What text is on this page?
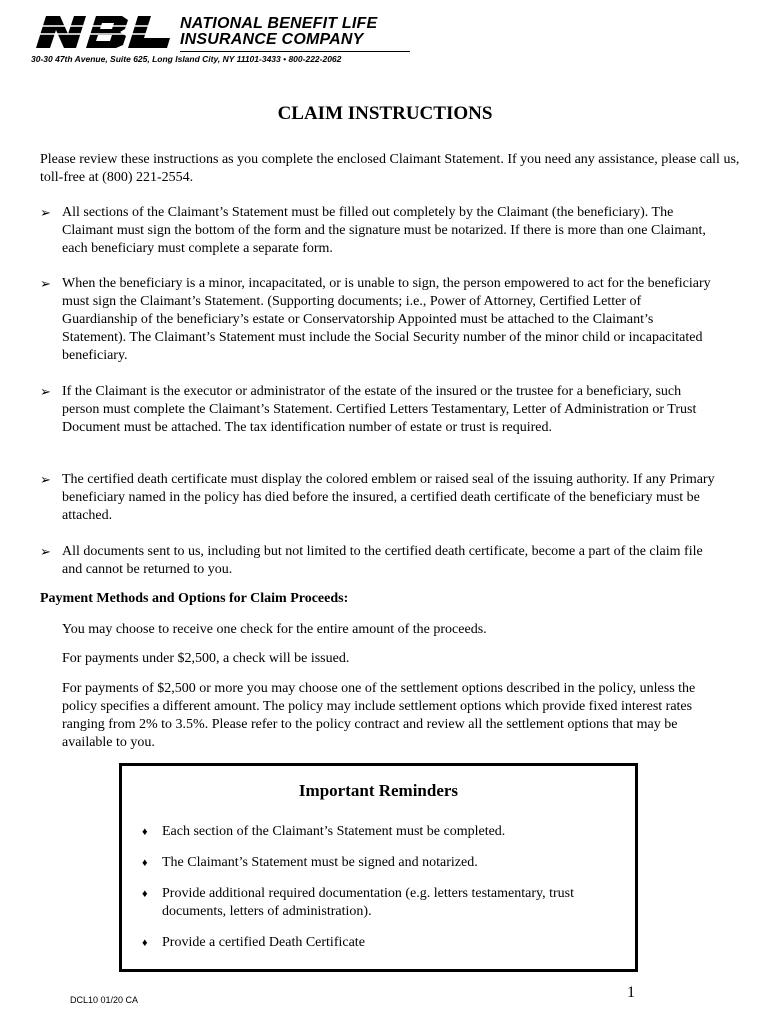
NATIONAL BENEFIT LIFE
INSURANCE COMPANY
30-30 47th Avenue, Suite 625, Long Island City, NY 11101-3433 • 800-222-2062
CLAIM INSTRUCTIONS
Please review these instructions as you complete the enclosed Claimant Statement. If you need any assistance, please call us, toll-free at (800) 221-2554.
➢ All sections of the Claimant’s Statement must be filled out completely by the Claimant (the beneficiary). The Claimant must sign the bottom of the form and the signature must be notarized. If there is more than one Claimant, each beneficiary must complete a separate form.
➢ When the beneficiary is a minor, incapacitated, or is unable to sign, the person empowered to act for the beneficiary must sign the Claimant’s Statement. (Supporting documents; i.e., Power of Attorney, Certified Letter of Guardianship of the beneficiary’s estate or Conservatorship Appointed must be attached to the Claimant’s Statement). The Claimant’s Statement must include the Social Security number of the minor child or incapacitated beneficiary.
➢ If the Claimant is the executor or administrator of the estate of the insured or the trustee for a beneficiary, such person must complete the Claimant’s Statement. Certified Letters Testamentary, Letter of Administration or Trust Document must be attached. The tax identification number of estate or trust is required.
➢ The certified death certificate must display the colored emblem or raised seal of the issuing authority. If any Primary beneficiary named in the policy has died before the insured, a certified death certificate of the beneficiary must be attached.
➢ All documents sent to us, including but not limited to the certified death certificate, become a part of the claim file and cannot be returned to you.
Payment Methods and Options for Claim Proceeds:
You may choose to receive one check for the entire amount of the proceeds.
For payments under $2,500, a check will be issued.
For payments of $2,500 or more you may choose one of the settlement options described in the policy, unless the policy specifies a different amount. The policy may include settlement options which provide fixed interest rates ranging from 2% to 3.5%. Please refer to the policy contract and review all the settlement options that may be available to you.
Important Reminders
♦ Each section of the Claimant’s Statement must be completed.
♦ The Claimant’s Statement must be signed and notarized.
♦ Provide additional required documentation (e.g. letters testamentary, trust documents, letters of administration).
♦ Provide a certified Death Certificate
DCL10 01/20 CA	1
